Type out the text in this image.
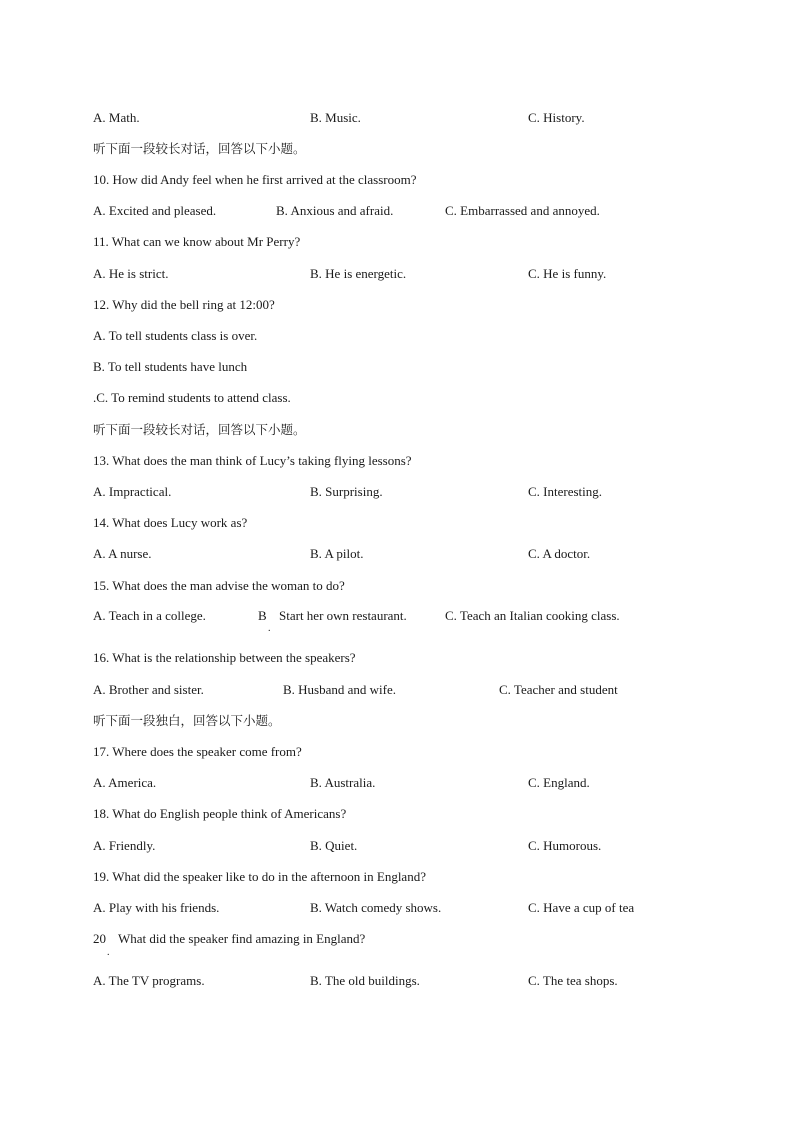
A. Math.	B. Music.	C. History.
听下面一段较长对话，回答以下小题。
10. How did Andy feel when he first arrived at the classroom?
A. Excited and pleased.	B. Anxious and afraid.	C. Embarrassed and annoyed.
11. What can we know about Mr Perry?
A. He is strict.	B. He is energetic.	C. He is funny.
12. Why did the bell ring at 12:00?
A. To tell students class is over.
B. To tell students have lunch
.C. To remind students to attend class.
听下面一段较长对话，回答以下小题。
13. What does the man think of Lucy’s taking flying lessons?
A. Impractical.	B. Surprising.	C. Interesting.
14. What does Lucy work as?
A. A nurse.	B. A pilot.	C. A doctor.
15. What does the man advise the woman to do?
A. Teach in a college.	B
.
Start her own restaurant.	C. Teach an Italian cooking class.
16. What is the relationship between the speakers?
A. Brother and sister.	B. Husband and wife.	C. Teacher and student
听下面一段独白，回答以下小题。
17. Where does the speaker come from?
A. America.	B. Australia.	C. England.
18. What do English people think of Americans?
A. Friendly.	B. Quiet.	C. Humorous.
19. What did the speaker like to do in the afternoon in England?
A. Play with his friends.	B. Watch comedy shows.	C. Have a cup of tea
20
.
What did the speaker find amazing in England?
A. The TV programs.	B. The old buildings.	C. The tea shops.
